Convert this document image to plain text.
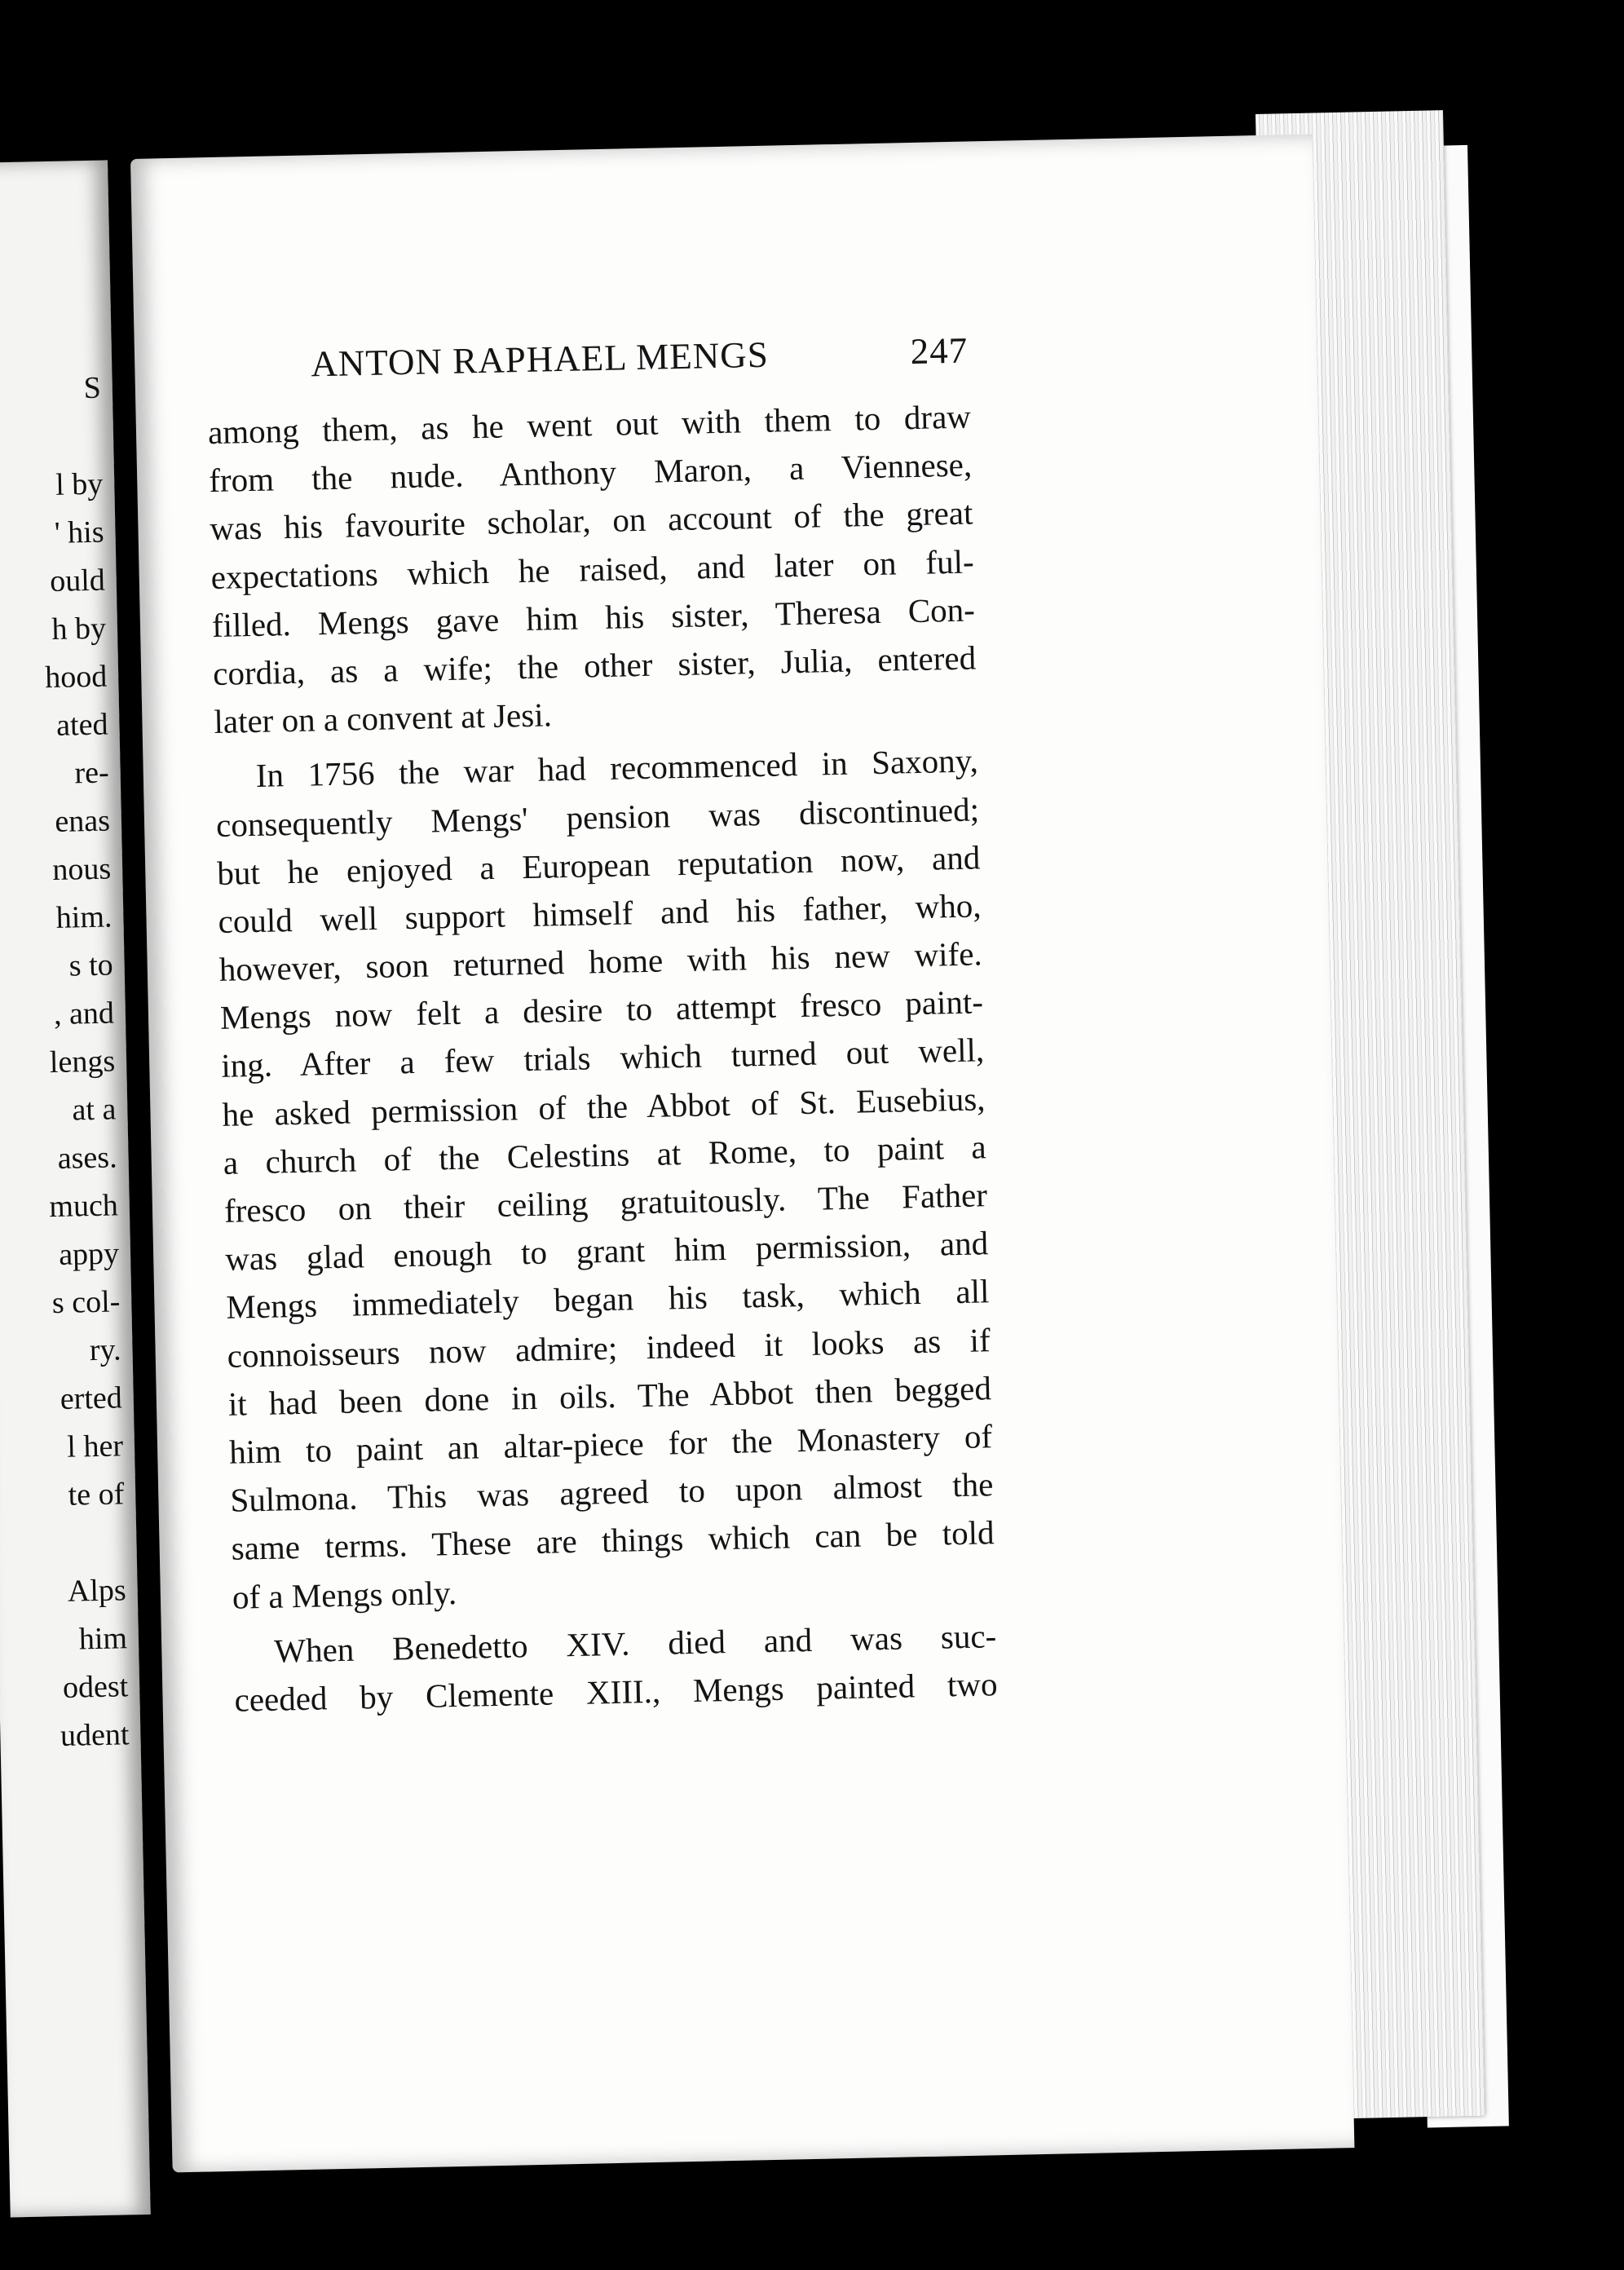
S
l by
' his
ould
h by
hood
ated
re-
enas
nous
him.
s to
, and
lengs
at a
ases.
much
appy
s col-
ry.
erted
l her
te of
Alps
him
odest
udent
ANTON RAPHAEL MENGS	247
among them, as he went out with them to draw
from the nude. Anthony Maron, a Viennese,
was his favourite scholar, on account of the great
expectations which he raised, and later on ful-
filled. Mengs gave him his sister, Theresa Con-
cordia, as a wife; the other sister, Julia, entered
later on a convent at Jesi.
In 1756 the war had recommenced in Saxony,
consequently Mengs' pension was discontinued;
but he enjoyed a European reputation now, and
could well support himself and his father, who,
however, soon returned home with his new wife.
Mengs now felt a desire to attempt fresco paint-
ing. After a few trials which turned out well,
he asked permission of the Abbot of St. Eusebius,
a church of the Celestins at Rome, to paint a
fresco on their ceiling gratuitously. The Father
was glad enough to grant him permission, and
Mengs immediately began his task, which all
connoisseurs now admire; indeed it looks as if
it had been done in oils. The Abbot then begged
him to paint an altar-piece for the Monastery of
Sulmona. This was agreed to upon almost the
same terms. These are things which can be told
of a Mengs only.
When Benedetto XIV. died and was suc-
ceeded by Clemente XIII., Mengs painted two
